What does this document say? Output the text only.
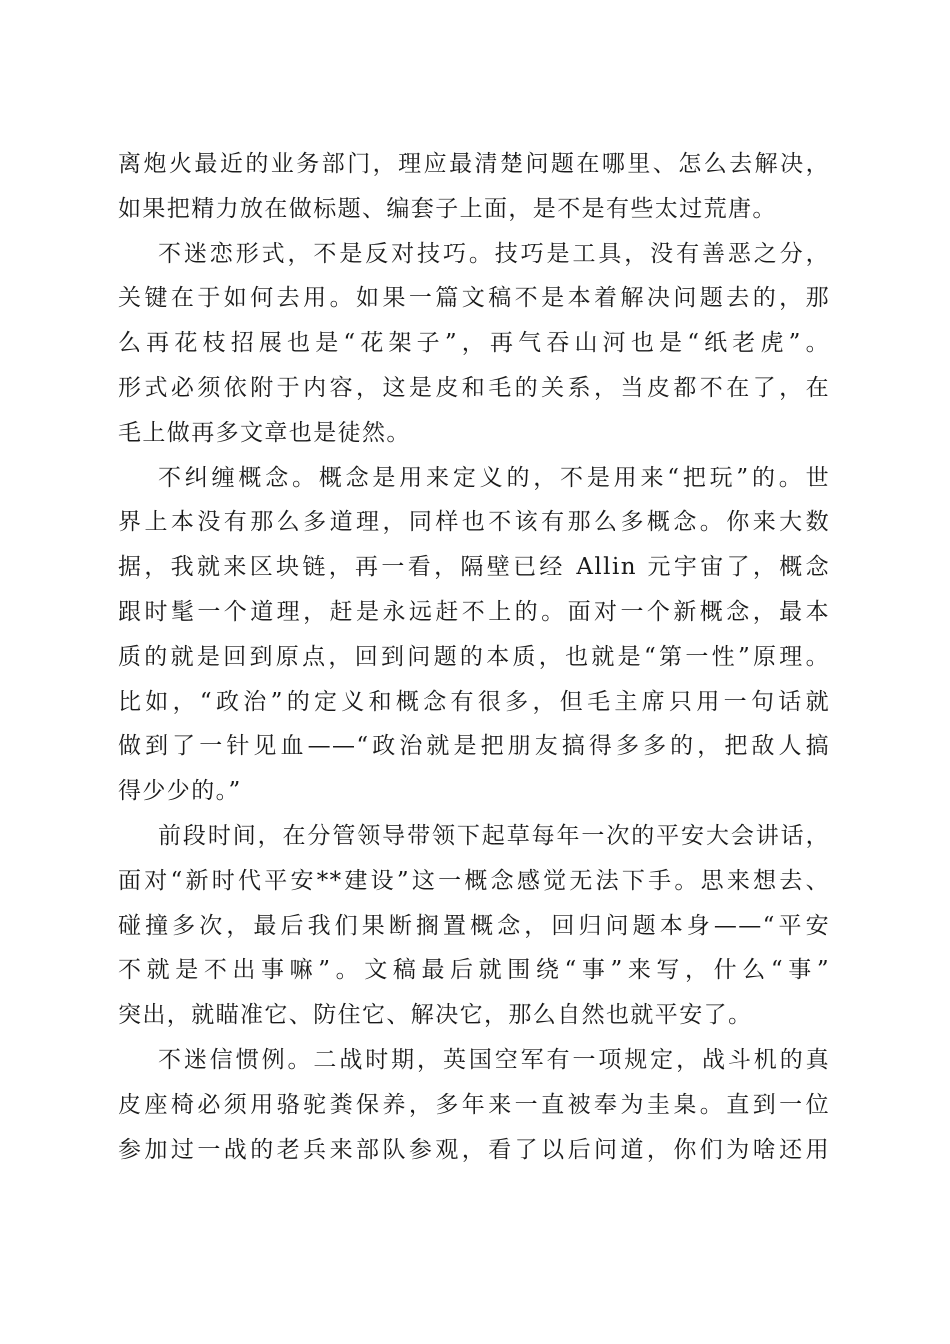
离炮火最近的业务部门，理应最清楚问题在哪里、怎么去解决，
如果把精力放在做标题、编套子上面，是不是有些太过荒唐。
不迷恋形式，不是反对技巧。技巧是工具，没有善恶之分，
关键在于如何去用。如果一篇文稿不是本着解决问题去的，那
么再花枝招展也是“花架子”，再气吞山河也是“纸老虎”。
形式必须依附于内容，这是皮和毛的关系，当皮都不在了，在
毛上做再多文章也是徒然。
不纠缠概念。概念是用来定义的，不是用来“把玩”的。世
界上本没有那么多道理，同样也不该有那么多概念。你来大数
据，我就来区块链，再一看，隔壁已经 Allin 元宇宙了，概念
跟时髦一个道理，赶是永远赶不上的。面对一个新概念，最本
质的就是回到原点，回到问题的本质，也就是“第一性”原理。
比如，“政治”的定义和概念有很多，但毛主席只用一句话就
做到了一针见血——“政治就是把朋友搞得多多的，把敌人搞
得少少的。”
前段时间，在分管领导带领下起草每年一次的平安大会讲话，
面对“新时代平安**建设”这一概念感觉无法下手。思来想去、
碰撞多次，最后我们果断搁置概念，回归问题本身——“平安
不就是不出事嘛”。文稿最后就围绕“事”来写，什么“事”
突出，就瞄准它、防住它、解决它，那么自然也就平安了。
不迷信惯例。二战时期，英国空军有一项规定，战斗机的真
皮座椅必须用骆驼粪保养，多年来一直被奉为圭臬。直到一位
参加过一战的老兵来部队参观，看了以后问道，你们为啥还用
